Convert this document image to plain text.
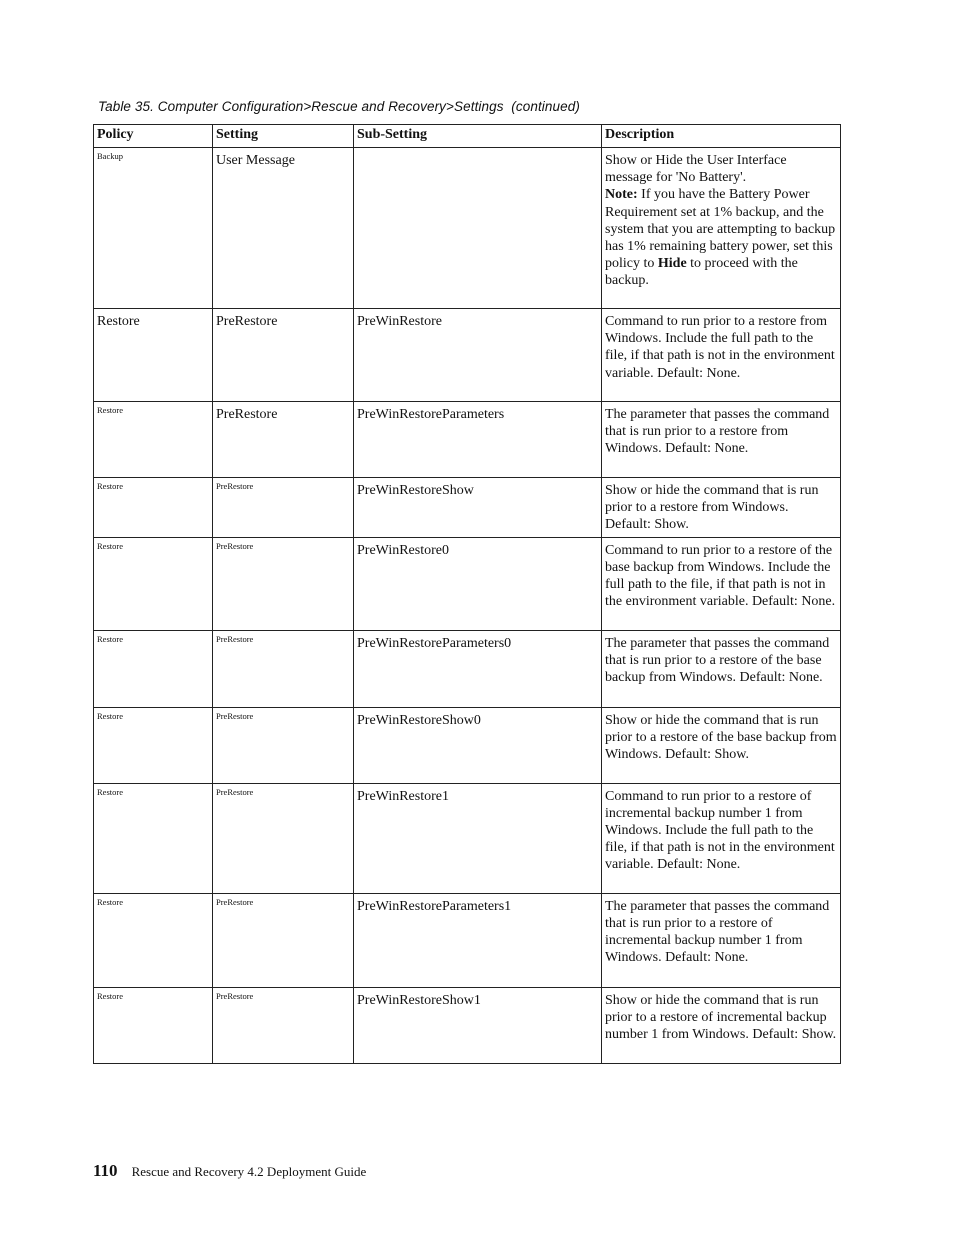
Table 35. Computer Configuration>Rescue and Recovery>Settings  (continued)
Policy	Setting	Sub-Setting	Description

Backup	User Message		Show or Hide the User Interface message for 'No Battery'.
Note: If you have the Battery Power Requirement set at 1% backup, and the system that you are attempting to backup has 1% remaining battery power, set this policy to Hide to proceed with the backup.
Restore	PreRestore	PreWinRestore	Command to run prior to a restore from Windows. Include the full path to the file, if that path is not in the environment variable. Default: None.

Restore	PreRestore	PreWinRestoreParameters	The parameter that passes the command that is run prior to a restore from Windows. Default: None.

Restore	PreRestore	PreWinRestoreShow	Show or hide the command that is run prior to a restore from Windows. Default: Show.

Restore	PreRestore	PreWinRestore0	Command to run prior to a restore of the base backup from Windows. Include the full path to the file, if that path is not in the environment variable. Default: None.

Restore	PreRestore	PreWinRestoreParameters0	The parameter that passes the command that is run prior to a restore of the base backup from Windows. Default: None.

Restore	PreRestore	PreWinRestoreShow0	Show or hide the command that is run prior to a restore of the base backup from Windows. Default: Show.

Restore	PreRestore	PreWinRestore1	Command to run prior to a restore of incremental backup number 1 from Windows. Include the full path to the file, if that path is not in the environment variable. Default: None.

Restore	PreRestore	PreWinRestoreParameters1	The parameter that passes the command that is run prior to a restore of incremental backup number 1 from Windows. Default: None.

Restore	PreRestore	PreWinRestoreShow1	Show or hide the command that is run prior to a restore of incremental backup number 1 from Windows. Default: Show.
110 Rescue and Recovery 4.2 Deployment Guide
